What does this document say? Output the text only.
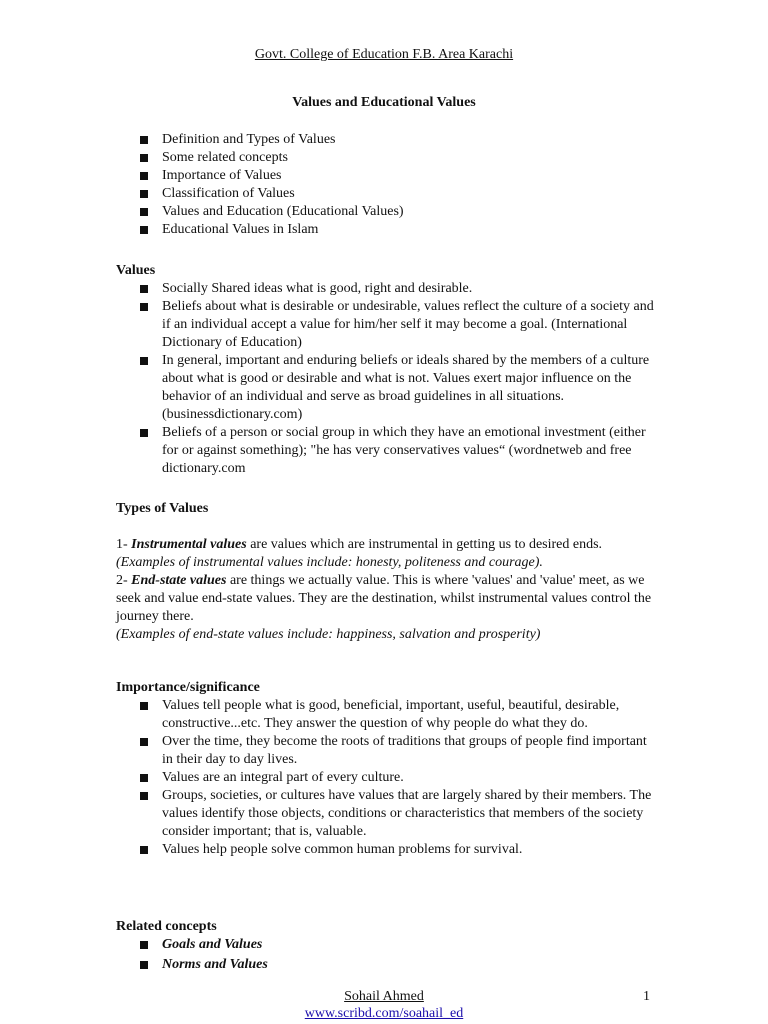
Govt. College of Education F.B. Area Karachi
Values and Educational Values
Definition and Types of Values
Some related concepts
Importance of Values
Classification of Values
Values and Education (Educational Values)
Educational Values in Islam
Values
Socially Shared ideas what is good, right and desirable.
Beliefs about what is desirable or undesirable, values reflect the culture of a society and if an individual accept a value for him/her self it may become a goal. (International Dictionary of Education)
In general, important and enduring beliefs or ideals shared by the members of a culture about what is good or desirable and what is not. Values exert major influence on the behavior of an individual and serve as broad guidelines in all situations. (businessdictionary.com)
Beliefs of a person or social group in which they have an emotional investment (either for or against something); "he has very conservatives values“ (wordnetweb and free dictionary.com
Types of Values

1- Instrumental values are values which are instrumental in getting us to desired ends.

(Examples of instrumental values include: honesty, politeness and courage).

2- End-state values are things we actually value. This is where 'values' and 'value' meet, as we seek and value end-state values. They are the destination, whilst instrumental values control the journey there.

(Examples of end-state values include: happiness, salvation and prosperity)

Importance/significance
Values tell people what is good, beneficial, important, useful, beautiful, desirable, constructive...etc. They answer the question of why people do what they do.
Over the time, they become the roots of traditions that groups of people find important in their day to day lives.
Values are an integral part of every culture.
Groups, societies, or cultures have values that are largely shared by their members. The values identify those objects, conditions or characteristics that members of the society consider important; that is, valuable.
Values help people solve common human problems for survival.
Related concepts
Goals and Values
Norms and Values
Sohail Ahmed	1
www.scribd.com/soahail_ed
